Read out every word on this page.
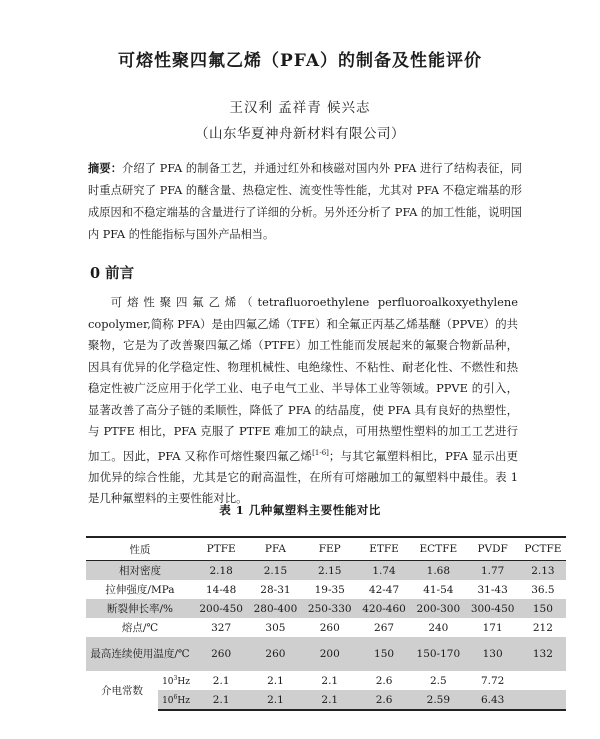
可熔性聚四氟乙烯（PFA）的制备及性能评价
王汉利 孟祥青 候兴志
（山东华夏神舟新材料有限公司）
摘要：介绍了 PFA 的制备工艺，并通过红外和核磁对国内外 PFA 进行了结构表征，同时重点研究了 PFA 的醚含量、热稳定性、流变性等性能，尤其对 PFA 不稳定端基的形成原因和不稳定端基的含量进行了详细的分析。另外还分析了 PFA 的加工性能，说明国内 PFA 的性能指标与国外产品相当。
0 前言
可熔性聚四氟乙烯（tetrafluoroethylene perfluoroalkoxyethylene copolymer,简称 PFA）是由四氟乙烯（TFE）和全氟正丙基乙烯基醚（PPVE）的共聚物，它是为了改善聚四氟乙烯（PTFE）加工性能而发展起来的氟聚合物新品种，因具有优异的化学稳定性、物理机械性、电绝缘性、不粘性、耐老化性、不燃性和热稳定性被广泛应用于化学工业、电子电气工业、半导体工业等领域。PPVE 的引入，显著改善了高分子链的柔顺性，降低了 PFA 的结晶度，使 PFA 具有良好的热塑性，与 PTFE 相比，PFA 克服了 PTFE 难加工的缺点，可用热塑性塑料的加工工艺进行加工。因此，PFA 又称作可熔性聚四氟乙烯[1-6]；与其它氟塑料相比，PFA 显示出更加优异的综合性能，尤其是它的耐高温性，在所有可熔融加工的氟塑料中最佳。表 1 是几种氟塑料的主要性能对比。
表 1 几种氟塑料主要性能对比
性质		PTFE	PFA	FEP	ETFE	ECTFE	PVDF	PCTFE
相对密度		2.18	2.15	2.15	1.74	1.68	1.77	2.13
拉伸强度/MPa		14-48	28-31	19-35	42-47	41-54	31-43	36.5
断裂伸长率/%		200-450	280-400	250-330	420-460	200-300	300-450	150
熔点/℃		327	305	260	267	240	171	212
最高连续使用温度/℃		260	260	200	150	150-170	130	132
介电常数	$10^3Hz$	2.1	2.1	2.1	2.6	2.5	7.72	
	$10^6Hz$	2.1	2.1	2.1	2.6	2.59	6.43	
